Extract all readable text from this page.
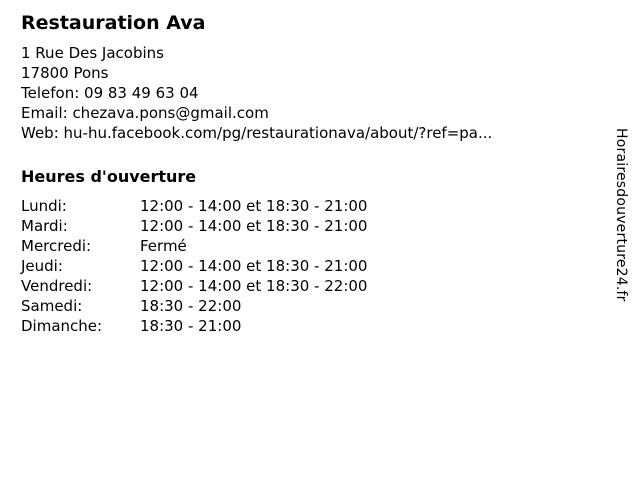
Restauration Ava
1 Rue Des Jacobins
17800 Pons
Telefon: 09 83 49 63 04
Email: chezava.pons@gmail.com
Web: hu-hu.facebook.com/pg/restaurationava/about/?ref=pa...
Heures d'ouverture
Lundi:	12:00 - 14:00 et 18:30 - 21:00
Mardi:	12:00 - 14:00 et 18:30 - 21:00
Mercredi:	Fermé
Jeudi:	12:00 - 14:00 et 18:30 - 21:00
Vendredi:	12:00 - 14:00 et 18:30 - 22:00
Samedi:	18:30 - 22:00
Dimanche:	18:30 - 21:00
Horairesdouverture24.fr
